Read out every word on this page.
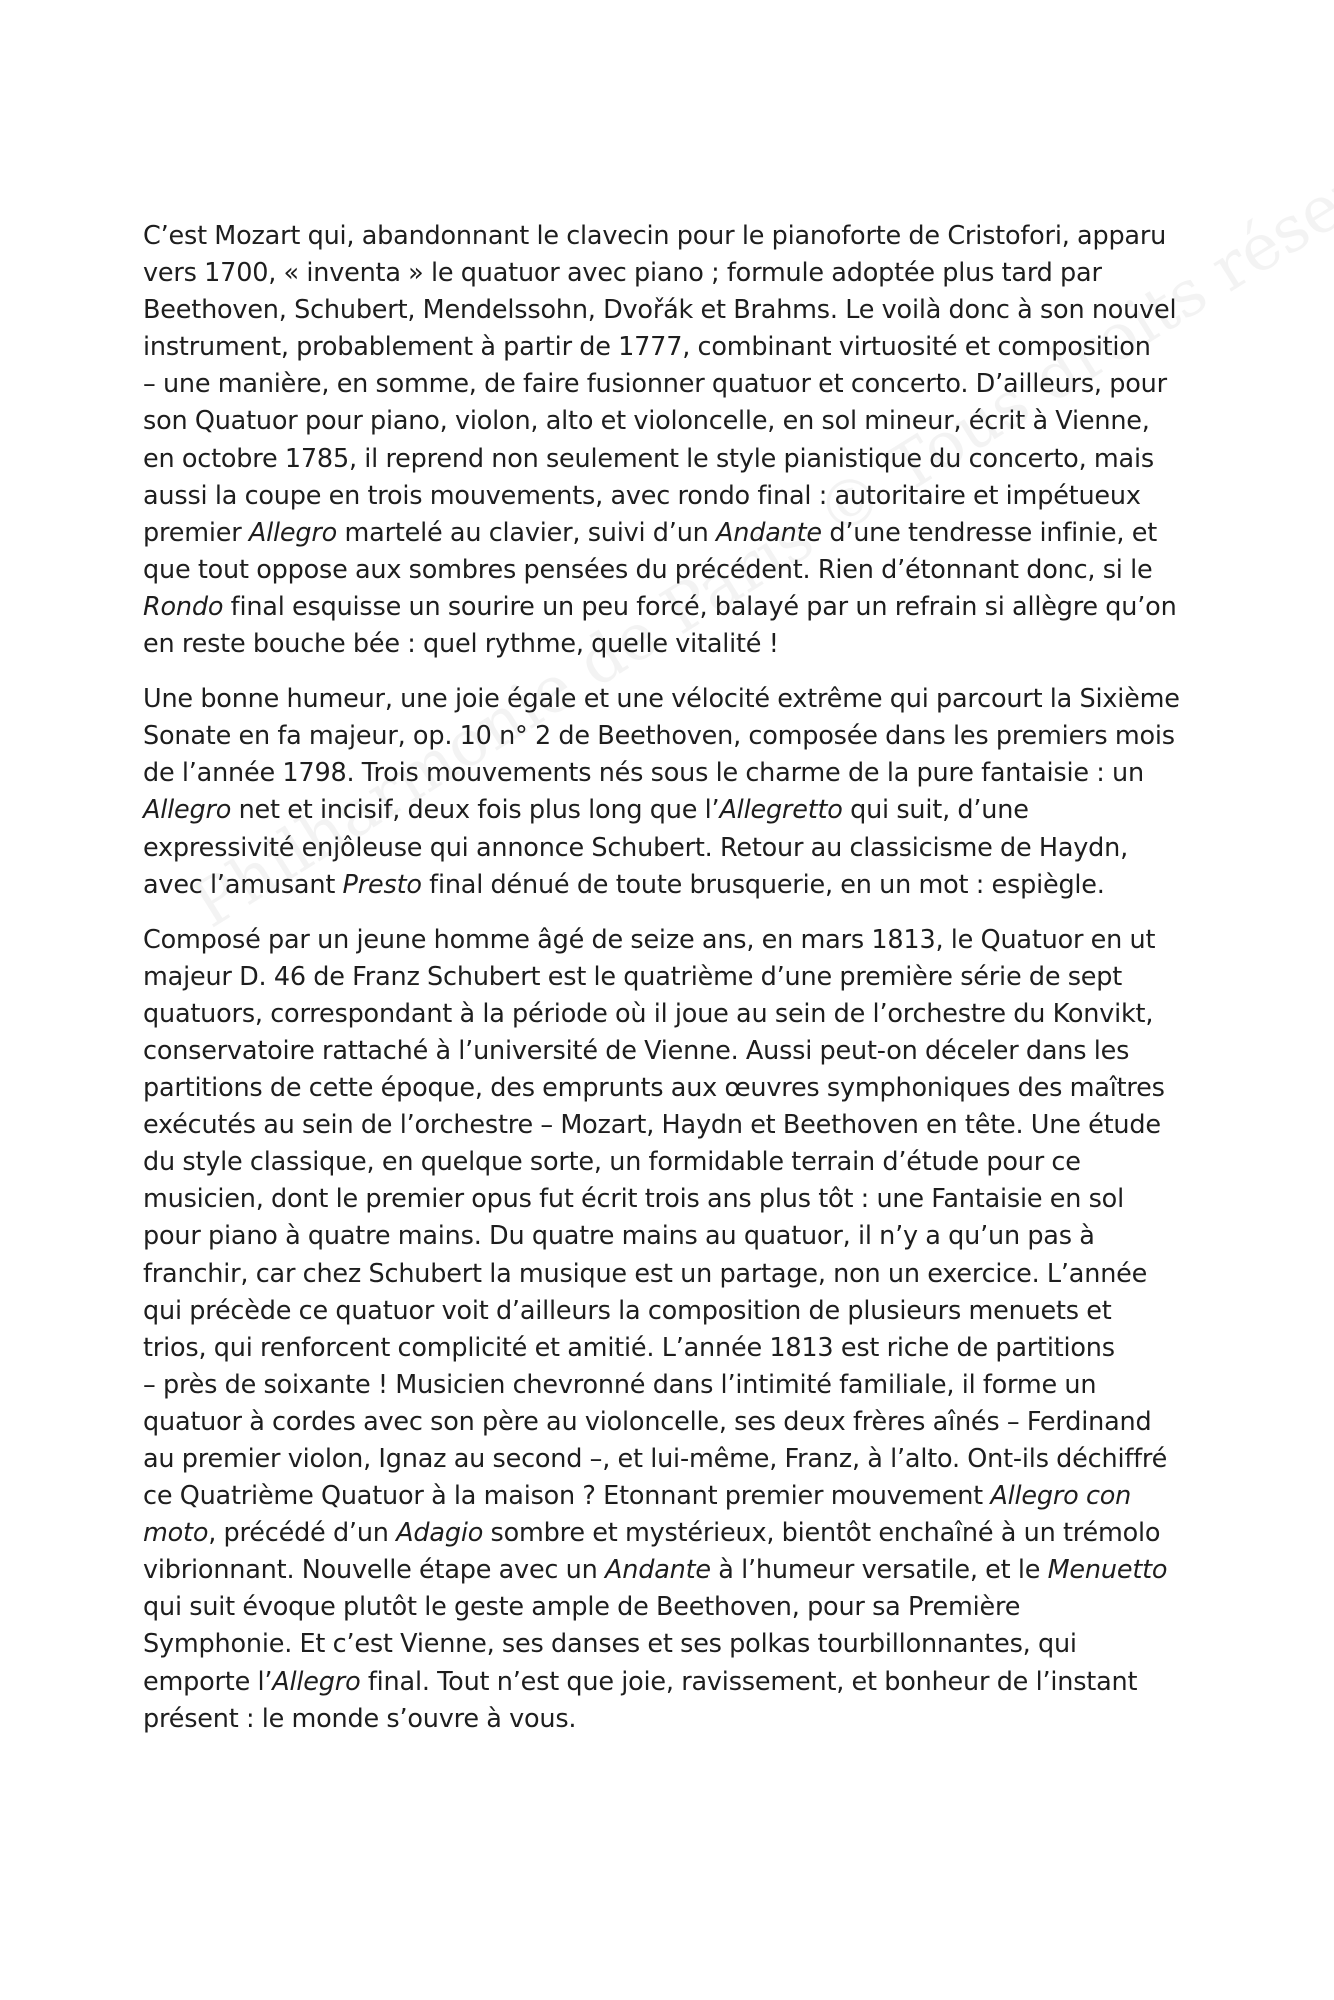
C’est Mozart qui, abandonnant le clavecin pour le pianoforte de Cristofori, apparu
vers 1700, « inventa » le quatuor avec piano ; formule adoptée plus tard par
Beethoven, Schubert, Mendelssohn, Dvořák et Brahms. Le voilà donc à son nouvel
instrument, probablement à partir de 1777, combinant virtuosité et composition
– une manière, en somme, de faire fusionner quatuor et concerto. D’ailleurs, pour
son Quatuor pour piano, violon, alto et violoncelle, en sol mineur, écrit à Vienne,
en octobre 1785, il reprend non seulement le style pianistique du concerto, mais
aussi la coupe en trois mouvements, avec rondo final : autoritaire et impétueux
premier Allegro martelé au clavier, suivi d’un Andante d’une tendresse infinie, et
que tout oppose aux sombres pensées du précédent. Rien d’étonnant donc, si le
Rondo final esquisse un sourire un peu forcé, balayé par un refrain si allègre qu’on
en reste bouche bée : quel rythme, quelle vitalité !

Une bonne humeur, une joie égale et une vélocité extrême qui parcourt la Sixième
Sonate en fa majeur, op. 10 n° 2 de Beethoven, composée dans les premiers mois
de l’année 1798. Trois mouvements nés sous le charme de la pure fantaisie : un
Allegro net et incisif, deux fois plus long que l’Allegretto qui suit, d’une
expressivité enjôleuse qui annonce Schubert. Retour au classicisme de Haydn,
avec l’amusant Presto final dénué de toute brusquerie, en un mot : espiègle.

Composé par un jeune homme âgé de seize ans, en mars 1813, le Quatuor en ut
majeur D. 46 de Franz Schubert est le quatrième d’une première série de sept
quatuors, correspondant à la période où il joue au sein de l’orchestre du Konvikt,
conservatoire rattaché à l’université de Vienne. Aussi peut-on déceler dans les
partitions de cette époque, des emprunts aux œuvres symphoniques des maîtres
exécutés au sein de l’orchestre – Mozart, Haydn et Beethoven en tête. Une étude
du style classique, en quelque sorte, un formidable terrain d’étude pour ce
musicien, dont le premier opus fut écrit trois ans plus tôt : une Fantaisie en sol
pour piano à quatre mains. Du quatre mains au quatuor, il n’y a qu’un pas à
franchir, car chez Schubert la musique est un partage, non un exercice. L’année
qui précède ce quatuor voit d’ailleurs la composition de plusieurs menuets et
trios, qui renforcent complicité et amitié. L’année 1813 est riche de partitions
– près de soixante ! Musicien chevronné dans l’intimité familiale, il forme un
quatuor à cordes avec son père au violoncelle, ses deux frères aînés – Ferdinand
au premier violon, Ignaz au second –, et lui-même, Franz, à l’alto. Ont-ils déchiffré
ce Quatrième Quatuor à la maison ? Etonnant premier mouvement Allegro con
moto, précédé d’un Adagio sombre et mystérieux, bientôt enchaîné à un trémolo
vibrionnant. Nouvelle étape avec un Andante à l’humeur versatile, et le Menuetto
qui suit évoque plutôt le geste ample de Beethoven, pour sa Première
Symphonie. Et c’est Vienne, ses danses et ses polkas tourbillonnantes, qui
emporte l’Allegro final. Tout n’est que joie, ravissement, et bonheur de l’instant
présent : le monde s’ouvre à vous.
